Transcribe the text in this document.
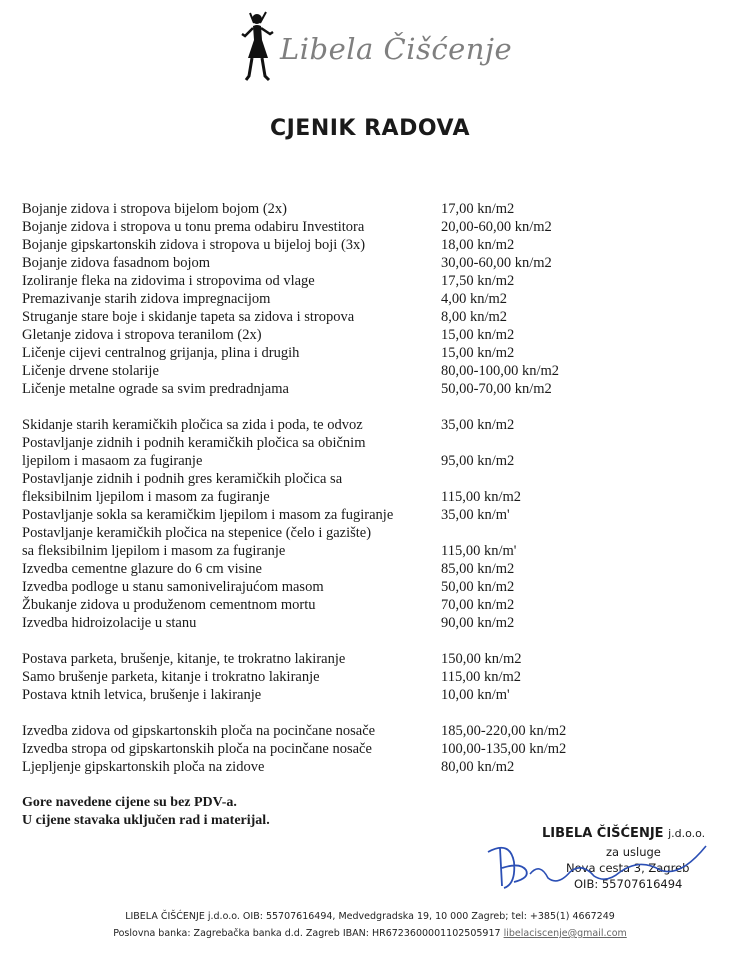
Libela Čišćenje
CJENIK RADOVA
Bojanje zidova i stropova bijelom bojom (2x)	17,00 kn/m2
Bojanje zidova i stropova u tonu prema odabiru Investitora	20,00-60,00 kn/m2
Bojanje gipskartonskih zidova i stropova u bijeloj boji (3x)	18,00 kn/m2
Bojanje zidova fasadnom bojom	30,00-60,00 kn/m2
Izoliranje fleka na zidovima i stropovima od vlage	17,50 kn/m2
Premazivanje starih zidova impregnacijom	4,00 kn/m2
Struganje stare boje i skidanje tapeta sa zidova i stropova	8,00 kn/m2
Gletanje zidova i stropova teranilom (2x)	15,00 kn/m2
Ličenje cijevi centralnog grijanja, plina i drugih	15,00 kn/m2
Ličenje drvene stolarije	80,00-100,00 kn/m2
Ličenje metalne ograde sa svim predradnjama	50,00-70,00 kn/m2
Skidanje starih keramičkih pločica sa zida i poda, te odvoz	35,00 kn/m2
Postavljanje zidnih i podnih keramičkih pločica sa običnim
ljepilom i masaom za fugiranje	95,00 kn/m2
Postavljanje zidnih i podnih gres keramičkih pločica sa
fleksibilnim ljepilom i masom za fugiranje	115,00 kn/m2
Postavljanje sokla sa keramičkim ljepilom i masom za fugiranje	35,00 kn/m'
Postavljanje keramičkih pločica na stepenice (čelo i gazište)
sa fleksibilnim ljepilom i masom za fugiranje	115,00 kn/m'
Izvedba cementne glazure do 6 cm visine	85,00 kn/m2
Izvedba podloge u stanu samonivelirajućom masom	50,00 kn/m2
Žbukanje zidova u produženom cementnom mortu	70,00 kn/m2
Izvedba hidroizolacije u stanu	90,00 kn/m2
Postava parketa, brušenje, kitanje, te trokratno lakiranje	150,00 kn/m2
Samo brušenje parketa, kitanje i trokratno lakiranje	115,00 kn/m2
Postava ktnih letvica, brušenje i lakiranje	10,00 kn/m'
Izvedba zidova od gipskartonskih ploča na pocinčane nosače	185,00-220,00 kn/m2
Izvedba stropa od gipskartonskih ploča na pocinčane nosače	100,00-135,00 kn/m2
Ljepljenje gipskartonskih ploča na zidove	80,00 kn/m2
Gore navedene cijene su bez PDV-a.
U cijene stavaka uključen rad i materijal.
LIBELA ČIŠĆENJE j.d.o.o.
za usluge
Nova cesta 3, Zagreb
OIB: 55707616494
LIBELA ČIŠĆENJE j.d.o.o. OIB: 55707616494, Medvedgradska 19, 10 000 Zagreb; tel: +385(1) 4667249
Poslovna banka: Zagrebačka banka d.d. Zagreb IBAN: HR6723600001102505917 libelaciscenje@gmail.com
